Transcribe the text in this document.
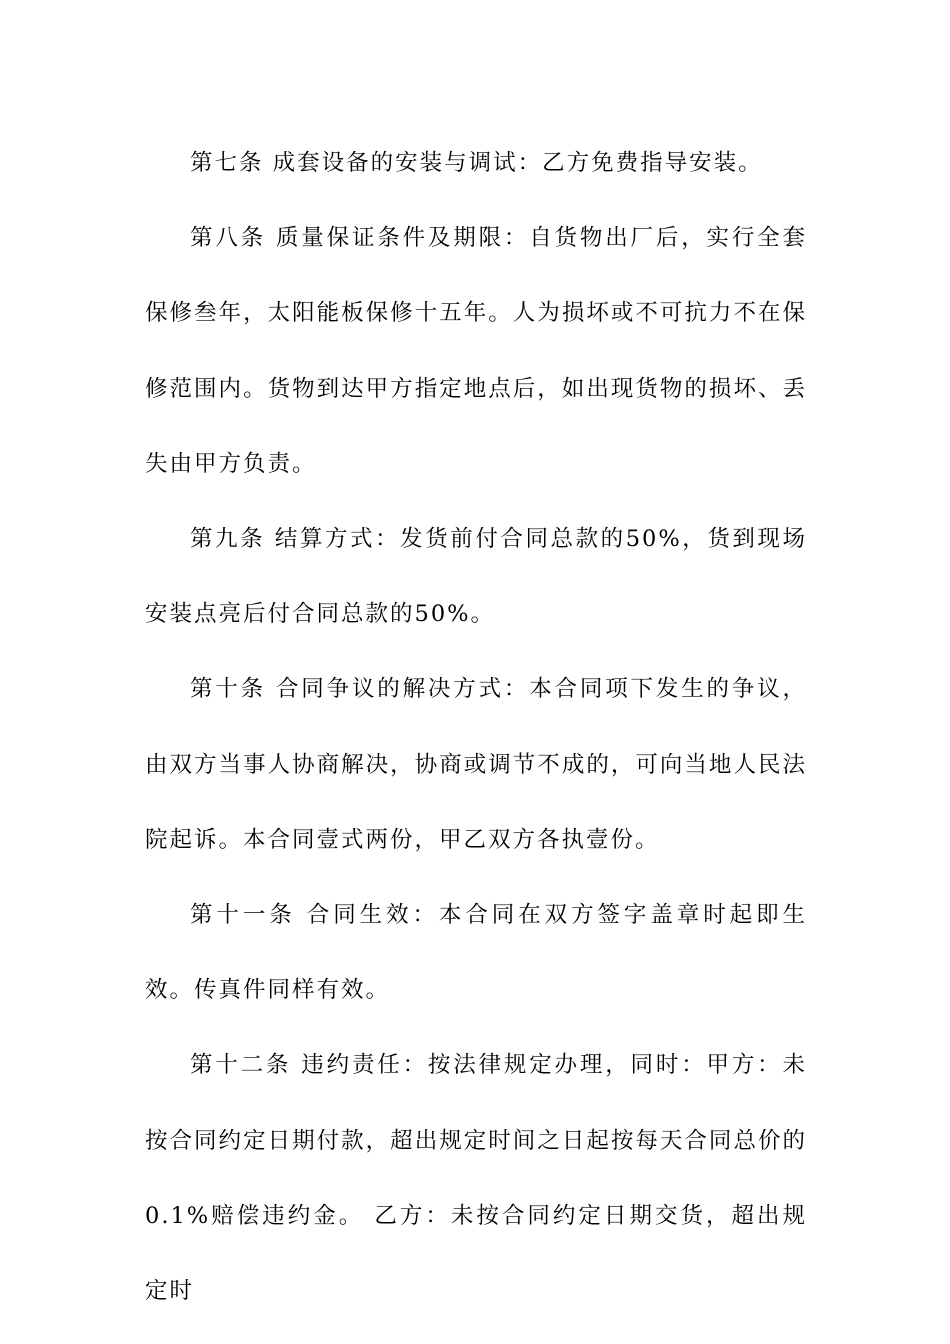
第七条 成套设备的安装与调试：乙方免费指导安装。

第八条 质量保证条件及期限：自货物出厂后，实行全套保修叁年，太阳能板保修十五年。人为损坏或不可抗力不在保修范围内。货物到达甲方指定地点后，如出现货物的损坏、丢失由甲方负责。

第九条 结算方式：发货前付合同总款的50%，货到现场安装点亮后付合同总款的50%。

第十条 合同争议的解决方式：本合同项下发生的争议，由双方当事人协商解决，协商或调节不成的，可向当地人民法院起诉。本合同壹式两份，甲乙双方各执壹份。

第十一条 合同生效：本合同在双方签字盖章时起即生效。传真件同样有效。

第十二条 违约责任：按法律规定办理，同时：甲方：未按合同约定日期付款，超出规定时间之日起按每天合同总价的0.1%赔偿违约金。 乙方：未按合同约定日期交货，超出规定时
